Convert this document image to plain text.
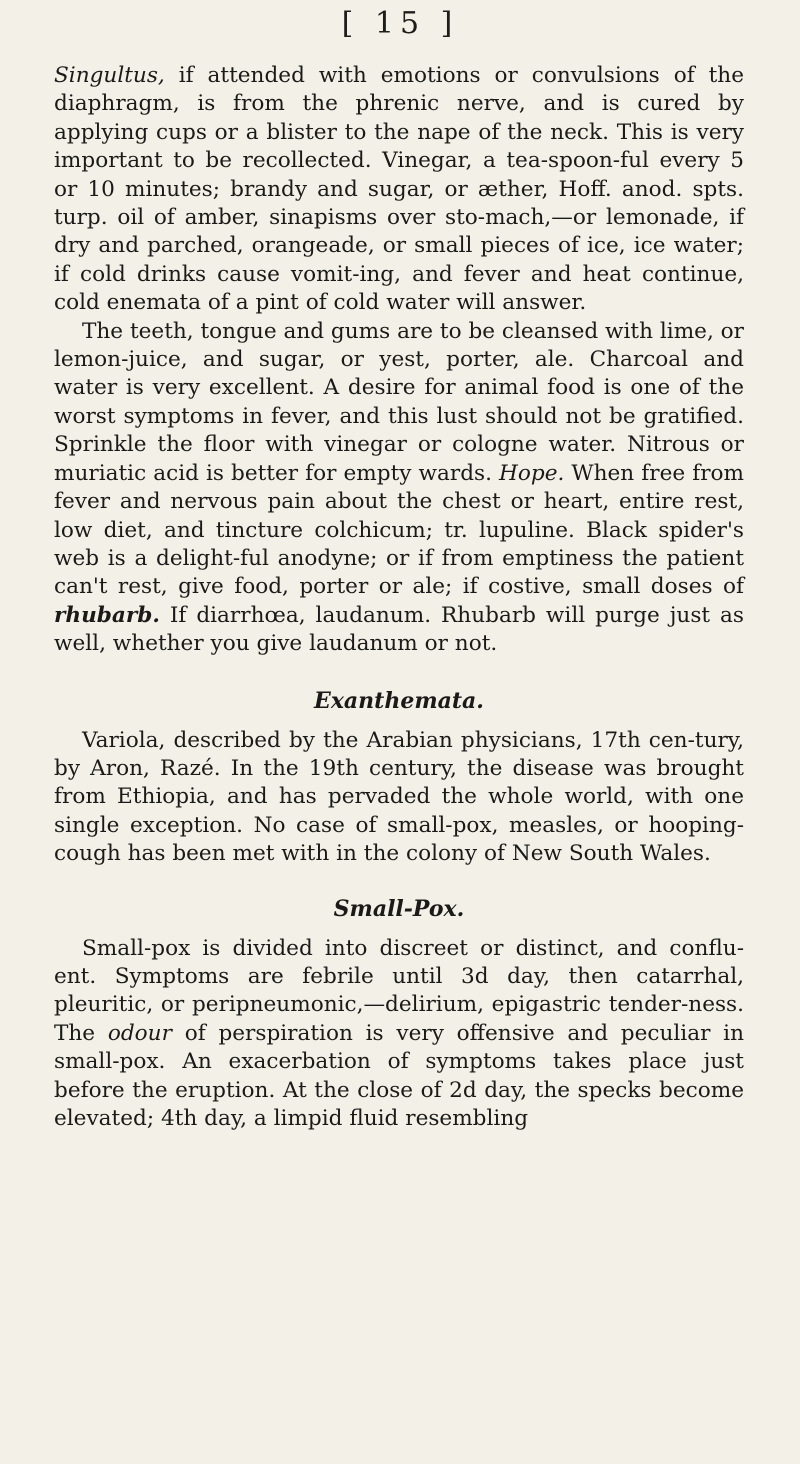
[ 15 ]

Singultus, if attended with emotions or convulsions of the diaphragm, is from the phrenic nerve, and is cured by applying cups or a blister to the nape of the neck. This is very important to be recollected. Vinegar, a tea-spoon-ful every 5 or 10 minutes; brandy and sugar, or æther, Hoff. anod. spts. turp. oil of amber, sinapisms over sto-mach,—or lemonade, if dry and parched, orangeade, or small pieces of ice, ice water; if cold drinks cause vomit-ing, and fever and heat continue, cold enemata of a pint of cold water will answer.

The teeth, tongue and gums are to be cleansed with lime, or lemon-juice, and sugar, or yest, porter, ale. Charcoal and water is very excellent. A desire for animal food is one of the worst symptoms in fever, and this lust should not be gratified. Sprinkle the floor with vinegar or cologne water. Nitrous or muriatic acid is better for empty wards. Hope. When free from fever and nervous pain about the chest or heart, entire rest, low diet, and tincture colchicum; tr. lupuline. Black spider's web is a delight-ful anodyne; or if from emptiness the patient can't rest, give food, porter or ale; if costive, small doses of rhubarb. If diarrhœa, laudanum. Rhubarb will purge just as well, whether you give laudanum or not.

Exanthemata.

Variola, described by the Arabian physicians, 17th cen-tury, by Aron, Razé. In the 19th century, the disease was brought from Ethiopia, and has pervaded the whole world, with one single exception. No case of small-pox, measles, or hooping-cough has been met with in the colony of New South Wales.

Small-Pox.

Small-pox is divided into discreet or distinct, and conflu-ent. Symptoms are febrile until 3d day, then catarrhal, pleuritic, or peripneumonic,—delirium, epigastric tender-ness. The odour of perspiration is very offensive and peculiar in small-pox. An exacerbation of symptoms takes place just before the eruption. At the close of 2d day, the specks become elevated; 4th day, a limpid fluid resembling
